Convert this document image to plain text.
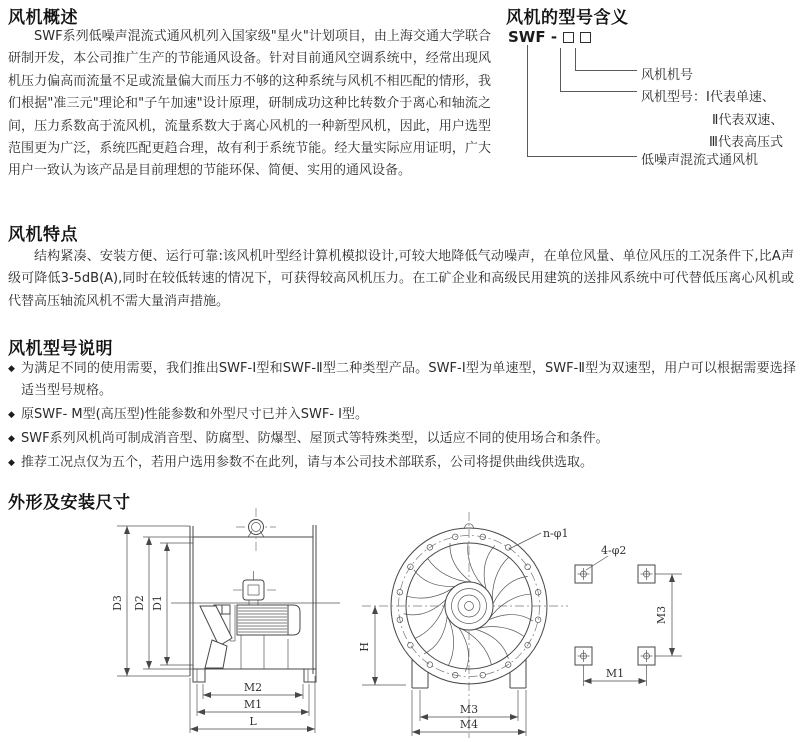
风机概述

SWF系列低噪声混流式通风机列入国家级"星火"计划项目，由上海交通大学联合研制开发，本公司推广生产的节能通风设备。针对目前通风空调系统中，经常出现风机压力偏高而流量不足或流量偏大而压力不够的这种系统与风机不相匹配的情形，我们根据"准三元"理论和"子午加速"设计原理，研制成功这种比转数介于离心和轴流之间，压力系数高于流风机，流量系数大于离心风机的一种新型风机，因此，用户选型范围更为广泛，系统匹配更趋合理，故有利于系统节能。经大量实际应用证明，广大用户一致认为该产品是目前理想的节能环保、简便、实用的通风设备。

风机的型号含义
SWF -
风机机号
风机型号：Ⅰ代表单速、
Ⅱ代表双速、
Ⅲ代表高压式
低噪声混流式通风机
风机特点

结构紧凑、安装方便、运行可靠:该风机叶型经计算机模拟设计,可较大地降低气动噪声，在单位风量、单位风压的工况条件下,比A声级可降低3-5dB(A),同时在较低转速的情况下，可获得较高风机压力。在工矿企业和高级民用建筑的送排风系统中可代替低压离心风机或代替高压轴流风机不需大量消声措施。

风机型号说明
◆ 为满足不同的使用需要，我们推出SWF-Ⅰ型和SWF-Ⅱ型二种类型产品。SWF-Ⅰ型为单速型，SWF-Ⅱ型为双速型，用户可以根据需要选择适当型号规格。
◆ 原SWF- M型(高压型)性能参数和外型尺寸已并入SWF- Ⅰ型。
◆ SWF系列风机尚可制成消音型、防腐型、防爆型、屋顶式等特殊类型，以适应不同的使用场合和条件。
◆ 推荐工况点仅为五个，若用户选用参数不在此列，请与本公司技术部联系，公司将提供曲线供选取。
外形及安装尺寸
D3 D2 D1
M2
M1
L
n-φ1
H
M3
M4
4-φ2
M3
M1
